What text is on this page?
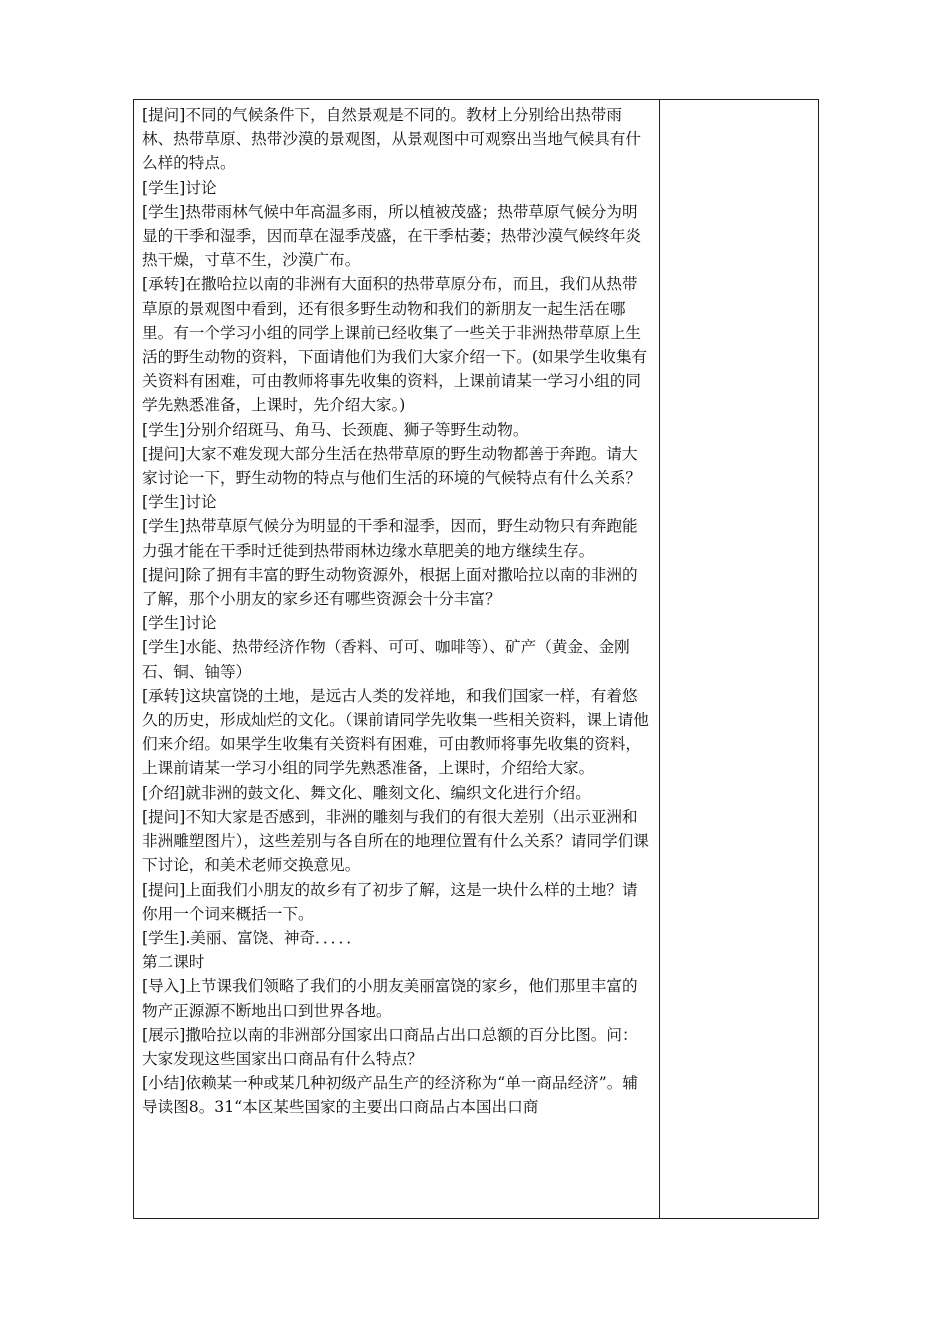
[提问]不同的气候条件下，自然景观是不同的。教材上分别给出热带雨林、热带草原、热带沙漠的景观图，从景观图中可观察出当地气候具有什么样的特点。

[学生]讨论

[学生]热带雨林气候中年高温多雨，所以植被茂盛；热带草原气候分为明显的干季和湿季，因而草在湿季茂盛，在干季枯萎；热带沙漠气候终年炎热干燥，寸草不生，沙漠广布。

[承转]在撒哈拉以南的非洲有大面积的热带草原分布，而且，我们从热带草原的景观图中看到，还有很多野生动物和我们的新朋友一起生活在哪里。有一个学习小组的同学上课前已经收集了一些关于非洲热带草原上生活的野生动物的资料，下面请他们为我们大家介绍一下。(如果学生收集有关资料有困难，可由教师将事先收集的资料，上课前请某一学习小组的同学先熟悉准备，上课时，先介绍大家。)

[学生]分别介绍斑马、角马、长颈鹿、狮子等野生动物。

[提问]大家不难发现大部分生活在热带草原的野生动物都善于奔跑。请大家讨论一下，野生动物的特点与他们生活的环境的气候特点有什么关系？

[学生]讨论

[学生]热带草原气候分为明显的干季和湿季，因而，野生动物只有奔跑能力强才能在干季时迁徙到热带雨林边缘水草肥美的地方继续生存。

[提问]除了拥有丰富的野生动物资源外，根据上面对撒哈拉以南的非洲的了解，那个小朋友的家乡还有哪些资源会十分丰富？

[学生]讨论

[学生]水能、热带经济作物（香料、可可、咖啡等）、矿产（黄金、金刚石、铜、铀等）

[承转]这块富饶的土地，是远古人类的发祥地，和我们国家一样，有着悠久的历史，形成灿烂的文化。（课前请同学先收集一些相关资料，课上请他们来介绍。如果学生收集有关资料有困难，可由教师将事先收集的资料，上课前请某一学习小组的同学先熟悉准备，上课时，介绍给大家。

[介绍]就非洲的鼓文化、舞文化、雕刻文化、编织文化进行介绍。

[提问]不知大家是否感到，非洲的雕刻与我们的有很大差别（出示亚洲和非洲雕塑图片），这些差别与各自所在的地理位置有什么关系？请同学们课下讨论，和美术老师交换意见。

[提问]上面我们小朋友的故乡有了初步了解，这是一块什么样的土地？请你用一个词来概括一下。

[学生].美丽、富饶、神奇．．．．．

第二课时

[导入]上节课我们领略了我们的小朋友美丽富饶的家乡，他们那里丰富的物产正源源不断地出口到世界各地。

[展示]撒哈拉以南的非洲部分国家出口商品占出口总额的百分比图。问：大家发现这些国家出口商品有什么特点？

[小结]依赖某一种或某几种初级产品生产的经济称为“单一商品经济”。辅导读图8。31“本区某些国家的主要出口商品占本国出口商
